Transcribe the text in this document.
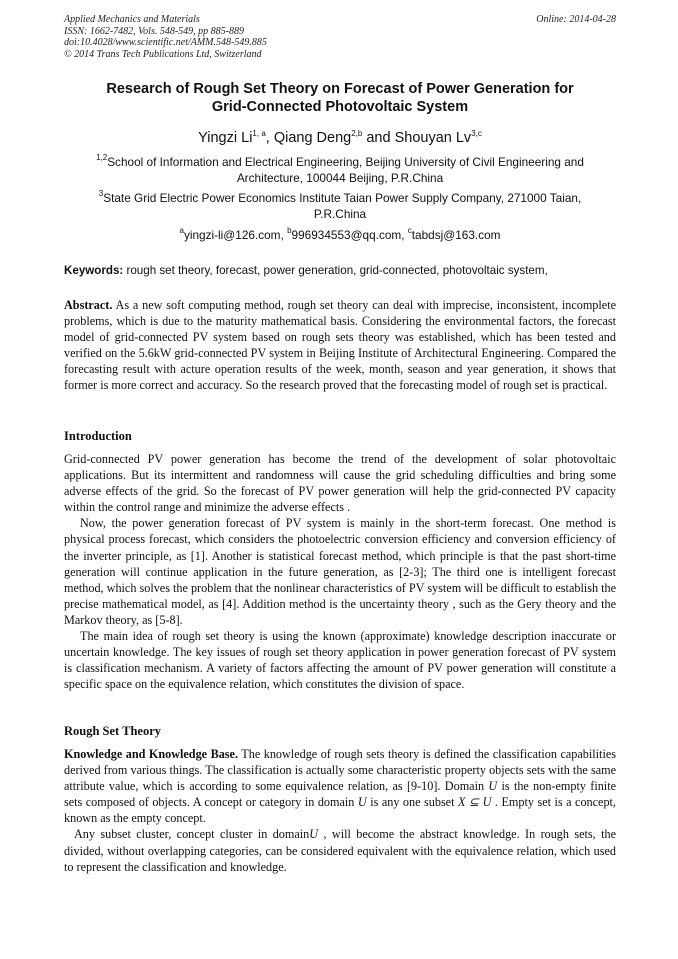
Applied Mechanics and Materials
ISSN: 1662-7482, Vols. 548-549, pp 885-889
doi:10.4028/www.scientific.net/AMM.548-549.885
© 2014 Trans Tech Publications Ltd, Switzerland
Online: 2014-04-28
Research of Rough Set Theory on Forecast of Power Generation for
Grid-Connected Photovoltaic System
Yingzi Li$^{1, a}$, Qiang Deng$^{2,b}$ and Shouyan Lv$^{3,c}$
$^{1,2}$School of Information and Electrical Engineering, Beijing University of Civil Engineering and
Architecture, 100044 Beijing, P.R.China
$^3$State Grid Electric Power Economics Institute Taian Power Supply Company, 271000 Taian,
P.R.China
$^a$yingzi-li@126.com, $^b$996934553@qq.com, $^c$tabdsj@163.com
Keywords: rough set theory, forecast, power generation, grid-connected, photovoltaic system,
Abstract. As a new soft computing method, rough set theory can deal with imprecise, inconsistent, incomplete problems, which is due to the maturity mathematical basis. Considering the environmental factors, the forecast model of grid-connected PV system based on rough sets theory was established, which has been tested and verified on the 5.6kW grid-connected PV system in Beijing Institute of Architectural Engineering. Compared the forecasting result with acture operation results of the week, month, season and year generation, it shows that former is more correct and accuracy. So the research proved that the forecasting model of rough set is practical.
Introduction

Grid-connected PV power generation has become the trend of the development of solar photovoltaic applications. But its intermittent and randomness will cause the grid scheduling difficulties and bring some adverse effects of the grid. So the forecast of PV power generation will help the grid-connected PV capacity within the control range and minimize the adverse effects .

Now, the power generation forecast of PV system is mainly in the short-term forecast. One method is physical process forecast, which considers the photoelectric conversion efficiency and conversion efficiency of the inverter principle, as [1]. Another is statistical forecast method, which principle is that the past short-time generation will continue application in the future generation, as [2-3]; The third one is intelligent forecast method, which solves the problem that the nonlinear characteristics of PV system will be difficult to establish the precise mathematical model, as [4]. Addition method is the uncertainty theory , such as the Gery theory and the Markov theory, as [5-8].

The main idea of rough set theory is using the known (approximate) knowledge description inaccurate or uncertain knowledge. The key issues of rough set theory application in power generation forecast of PV system is classification mechanism. A variety of factors affecting the amount of PV power generation will constitute a specific space on the equivalence relation, which constitutes the division of space.

Rough Set Theory

Knowledge and Knowledge Base. The knowledge of rough sets theory is defined the classification capabilities derived from various things. The classification is actually some characteristic property objects sets with the same attribute value, which is according to some equivalence relation, as [9-10]. Domain U is the non-empty finite sets composed of objects. A concept or category in domain U is any one subset X ⊆ U . Empty set is a concept, known as the empty concept.

Any subset cluster, concept cluster in domainU , will become the abstract knowledge. In rough sets, the divided, without overlapping categories, can be considered equivalent with the equivalence relation, which used to represent the classification and knowledge.
